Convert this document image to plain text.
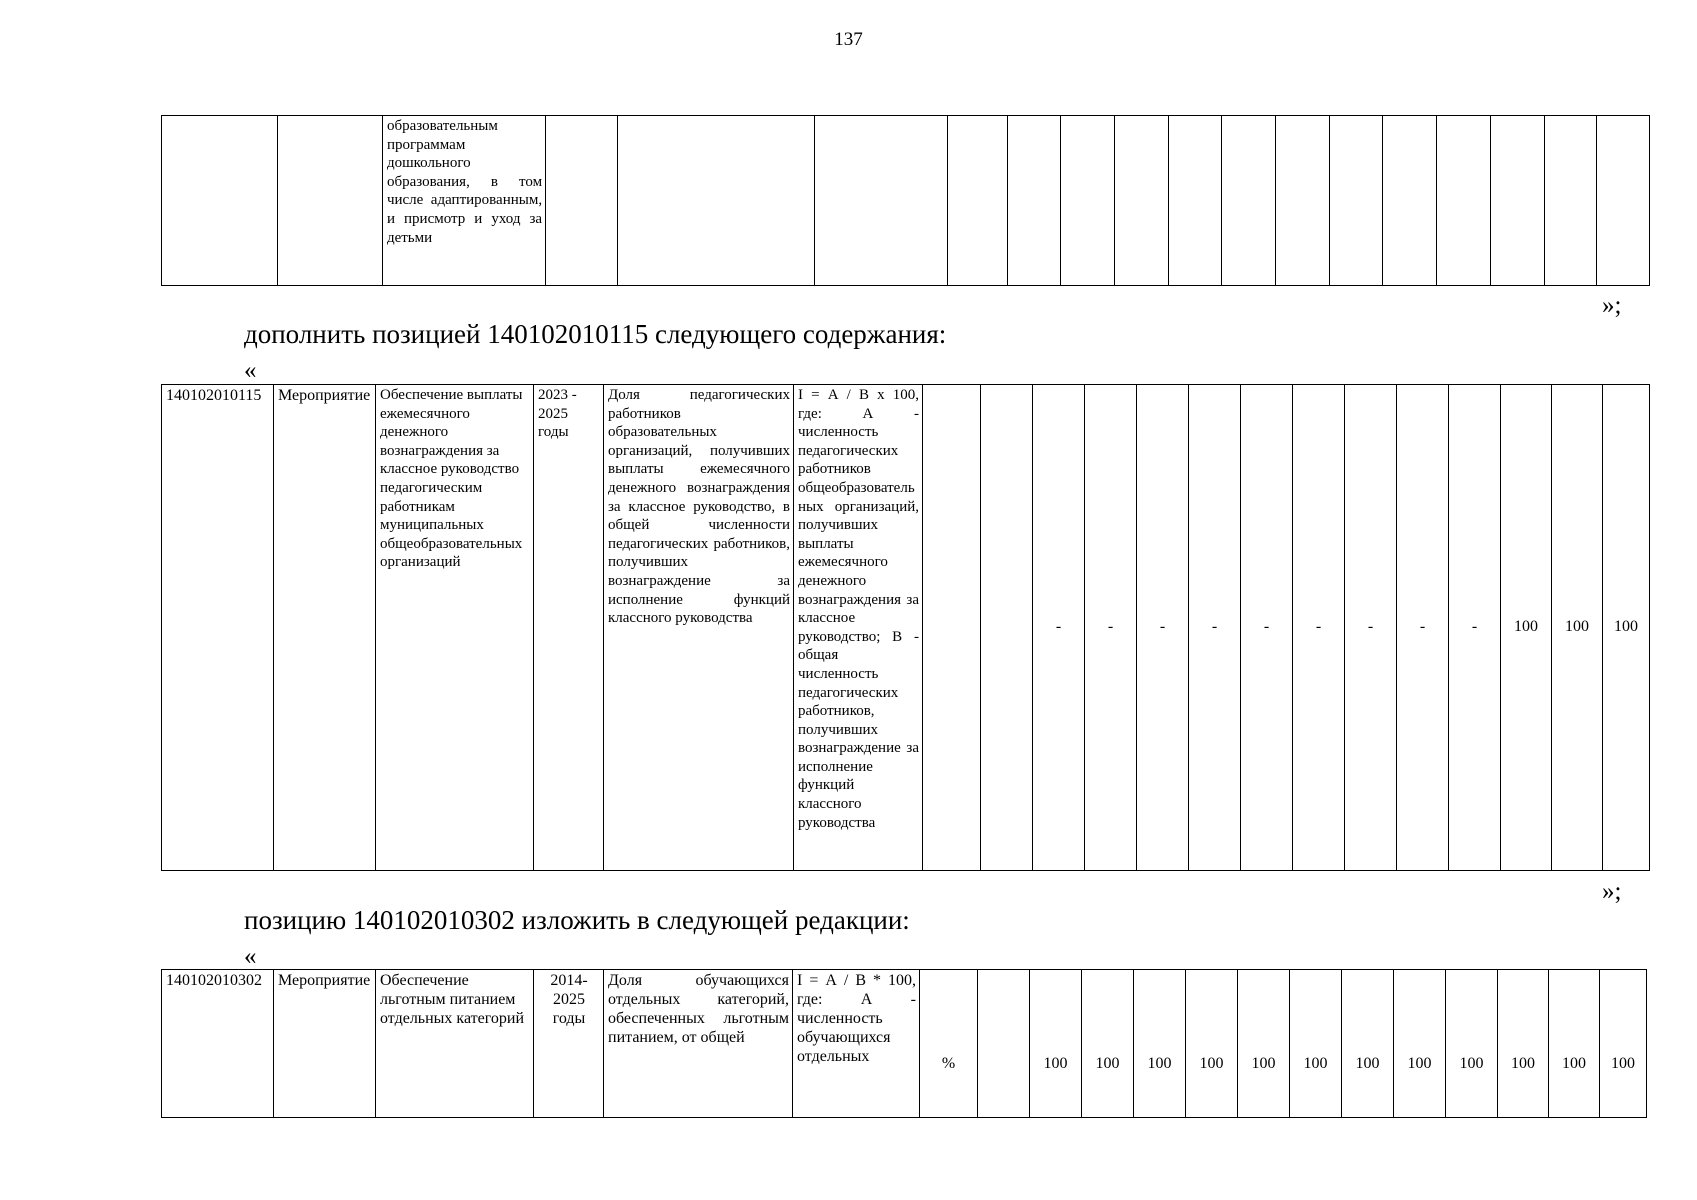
137
		образовательным программам дошкольного образования, в том числе адаптированным, и присмотр и уход за детьми																
»;
дополнить позицией 140102010115 следующего содержания:
«
140102010115	Мероприятие	Обеспечение выплаты ежемесячного денежного вознаграждения за классное руководство педагогическим работникам муниципальных общеобразовательных организаций	2023 - 2025 годы	Доля педагогических работников образовательных организаций, получивших выплаты ежемесячного денежного вознаграждения за классное руководство, в общей численности педагогических работников, получивших вознаграждение за исполнение функций классного руководства	I = А / В х 100, где: А - численность педагогических работников общеобразовательных организаций, получивших выплаты ежемесячного денежного вознаграждения за классное руководство; В - общая численность педагогических работников, получивших вознаграждение за исполнение функций классного руководства			-	-	-	-	-	-	-	-	-	100	100	100
»;
позицию 140102010302 изложить в следующей редакции:
«
140102010302	Мероприятие	Обеспечение льготным питанием отдельных категорий	2014-2025 годы	Доля обучающихся отдельных категорий, обеспеченных льготным питанием, от общей	I = А / В * 100, где: А - численность обучающихся отдельных	%		100	100	100	100	100	100	100	100	100	100	100	100
